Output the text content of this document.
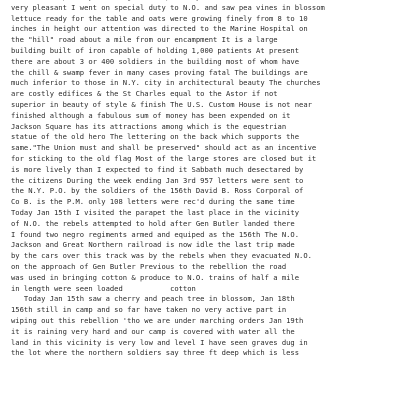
very pleasant I went on special duty to N.O. and saw pea vines in blossom
lettuce ready for the table and oats were growing finely from 8 to 10
inches in height our attention was directed to the Marine Hospital on
the "hill" road about a mile from our encampment It is a large
building built of iron capable of holding 1,000 patients At present
there are about 3 or 400 soldiers in the building most of whom have
the chill & swamp fever in many cases proving fatal The buildings are
much inferior to those in N.Y. city in architectural beauty The churches
are costly edifices & the St Charles equal to the Astor if not
superior in beauty of style & finish The U.S. Custom House is not near
finished although a fabulous sum of money has been expended on it
Jackson Square has its attractions among which is the equestrian
statue of the old hero The lettering on the back which supports the
same."The Union must and shall be preserved" should act as an incentive
for sticking to the old flag Most of the large stores are closed but it
is more lively than I expected to find it Sabbath much desectared by
the citizens During the week ending Jan 3rd 957 letters were sent to
the N.Y. P.O. by the soldiers of the 156th David B. Ross Corporal of
Co B. is the P.M. only 108 letters were rec'd during the same time
Today Jan 15th I visited the parapet the last place in the vicinity
of N.O. the rebels attempted to hold after Gen Butler landed there
I found two negro regiments armed and equiped as the 156th The N.O.
Jackson and Great Northern railroad is now idle the last trip made
by the cars over this track was by the rebels when they evacuated N.O.
on the approach of Gen Butler Previous to the rebellion the road
was used in bringing cotton & produce to N.O. trains of half a mile
in length were seen loaded           cotton
Today Jan 15th saw a cherry and peach tree in blossom, Jan 18th
156th still in camp and so far have taken no very active part in
wiping out this rebellion 'tho we are under marching orders Jan 19th
it is raining very hard and our camp is covered with water all the
land in this vicinity is very low and level I have seen graves dug in
the lot where the northern soldiers say three ft deep which is less
